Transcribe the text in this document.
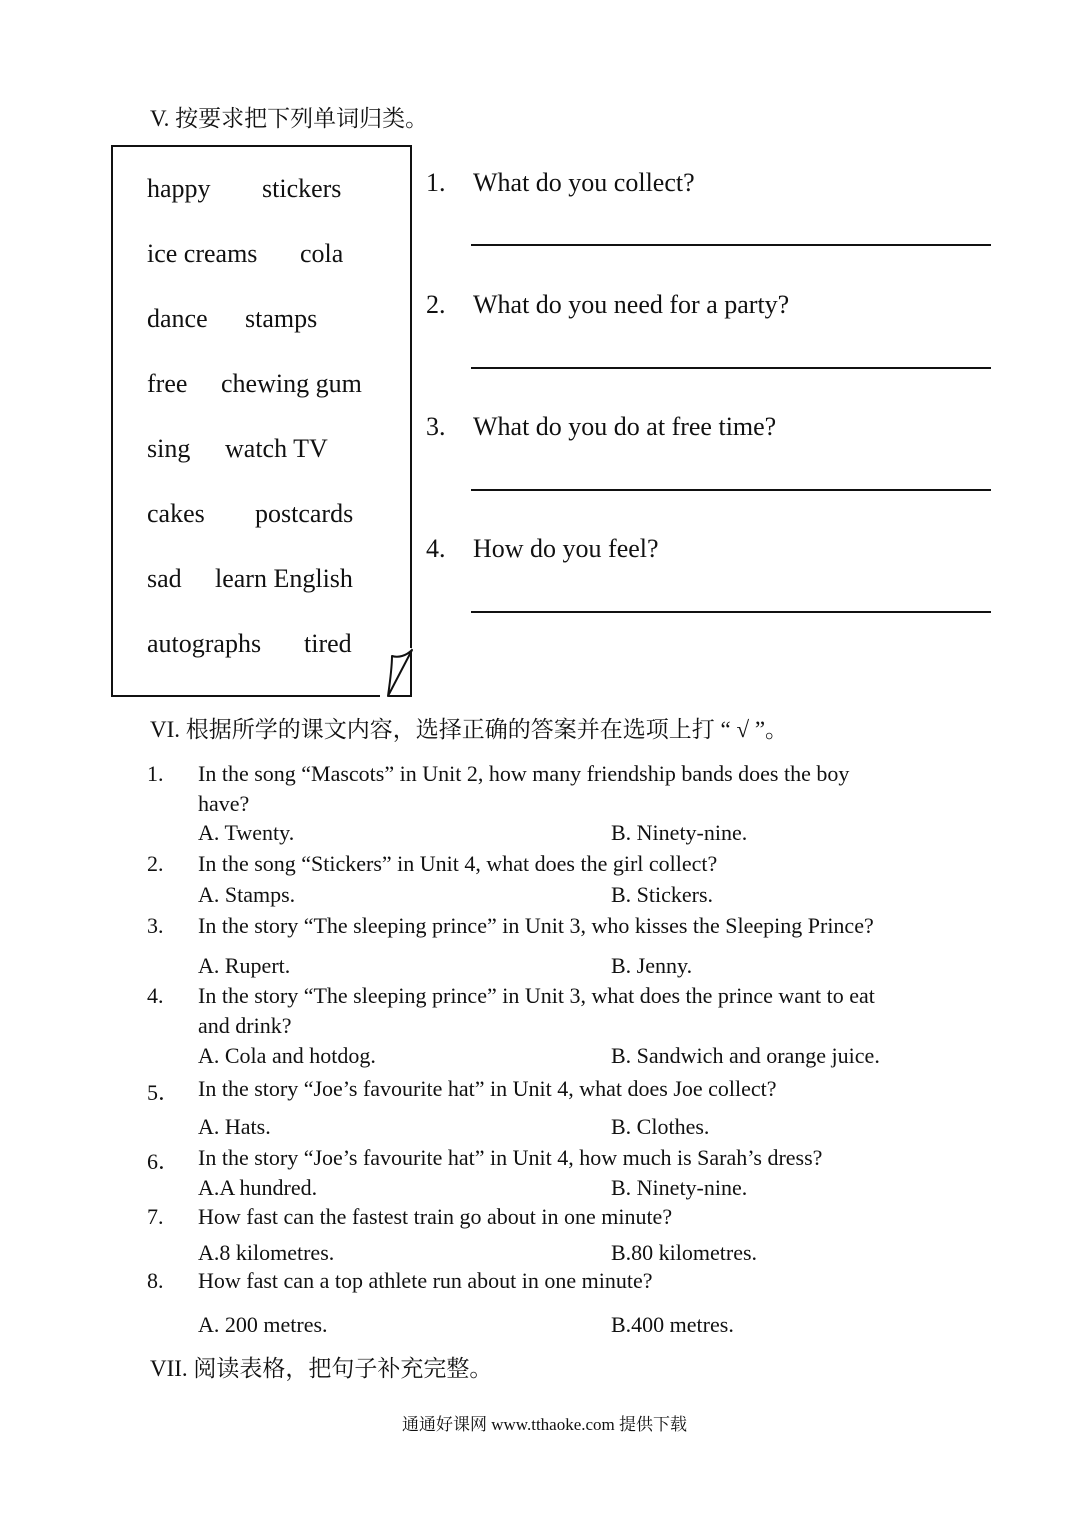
V. 按要求把下列单词归类。
happy stickers
ice creams cola
dance stamps
free chewing gum
sing watch TV
cakes postcards
sad learn English
autographs tired
1. What do you collect?
2. What do you need for a party?
3. What do you do at free time?
4. How do you feel?
VI. 根据所学的课文内容，选择正确的答案并在选项上打 “ √ ”。
1. In the song “Mascots” in Unit 2, how many friendship bands does the boy
have?
A. Twenty.	B. Ninety-nine.
2. In the song “Stickers” in Unit 4, what does the girl collect?
A. Stamps.	B. Stickers.
3. In the story “The sleeping prince” in Unit 3, who kisses the Sleeping Prince?
A. Rupert.	B. Jenny.
4. In the story “The sleeping prince” in Unit 3, what does the prince want to eat
and drink?
A. Cola and hotdog.	B. Sandwich and orange juice.
5． In the story “Joe’s favourite hat” in Unit 4, what does Joe collect?
A. Hats.	B. Clothes.
6． In the story “Joe’s favourite hat” in Unit 4, how much is Sarah’s dress?
A.A hundred.	B. Ninety-nine.
7. How fast can the fastest train go about in one minute?
A.8 kilometres.	B.80 kilometres.
8. How fast can a top athlete run about in one minute?
A. 200 metres.	B.400 metres.
VII. 阅读表格，把句子补充完整。
通通好课网 www.tthaoke.com 提供下载
